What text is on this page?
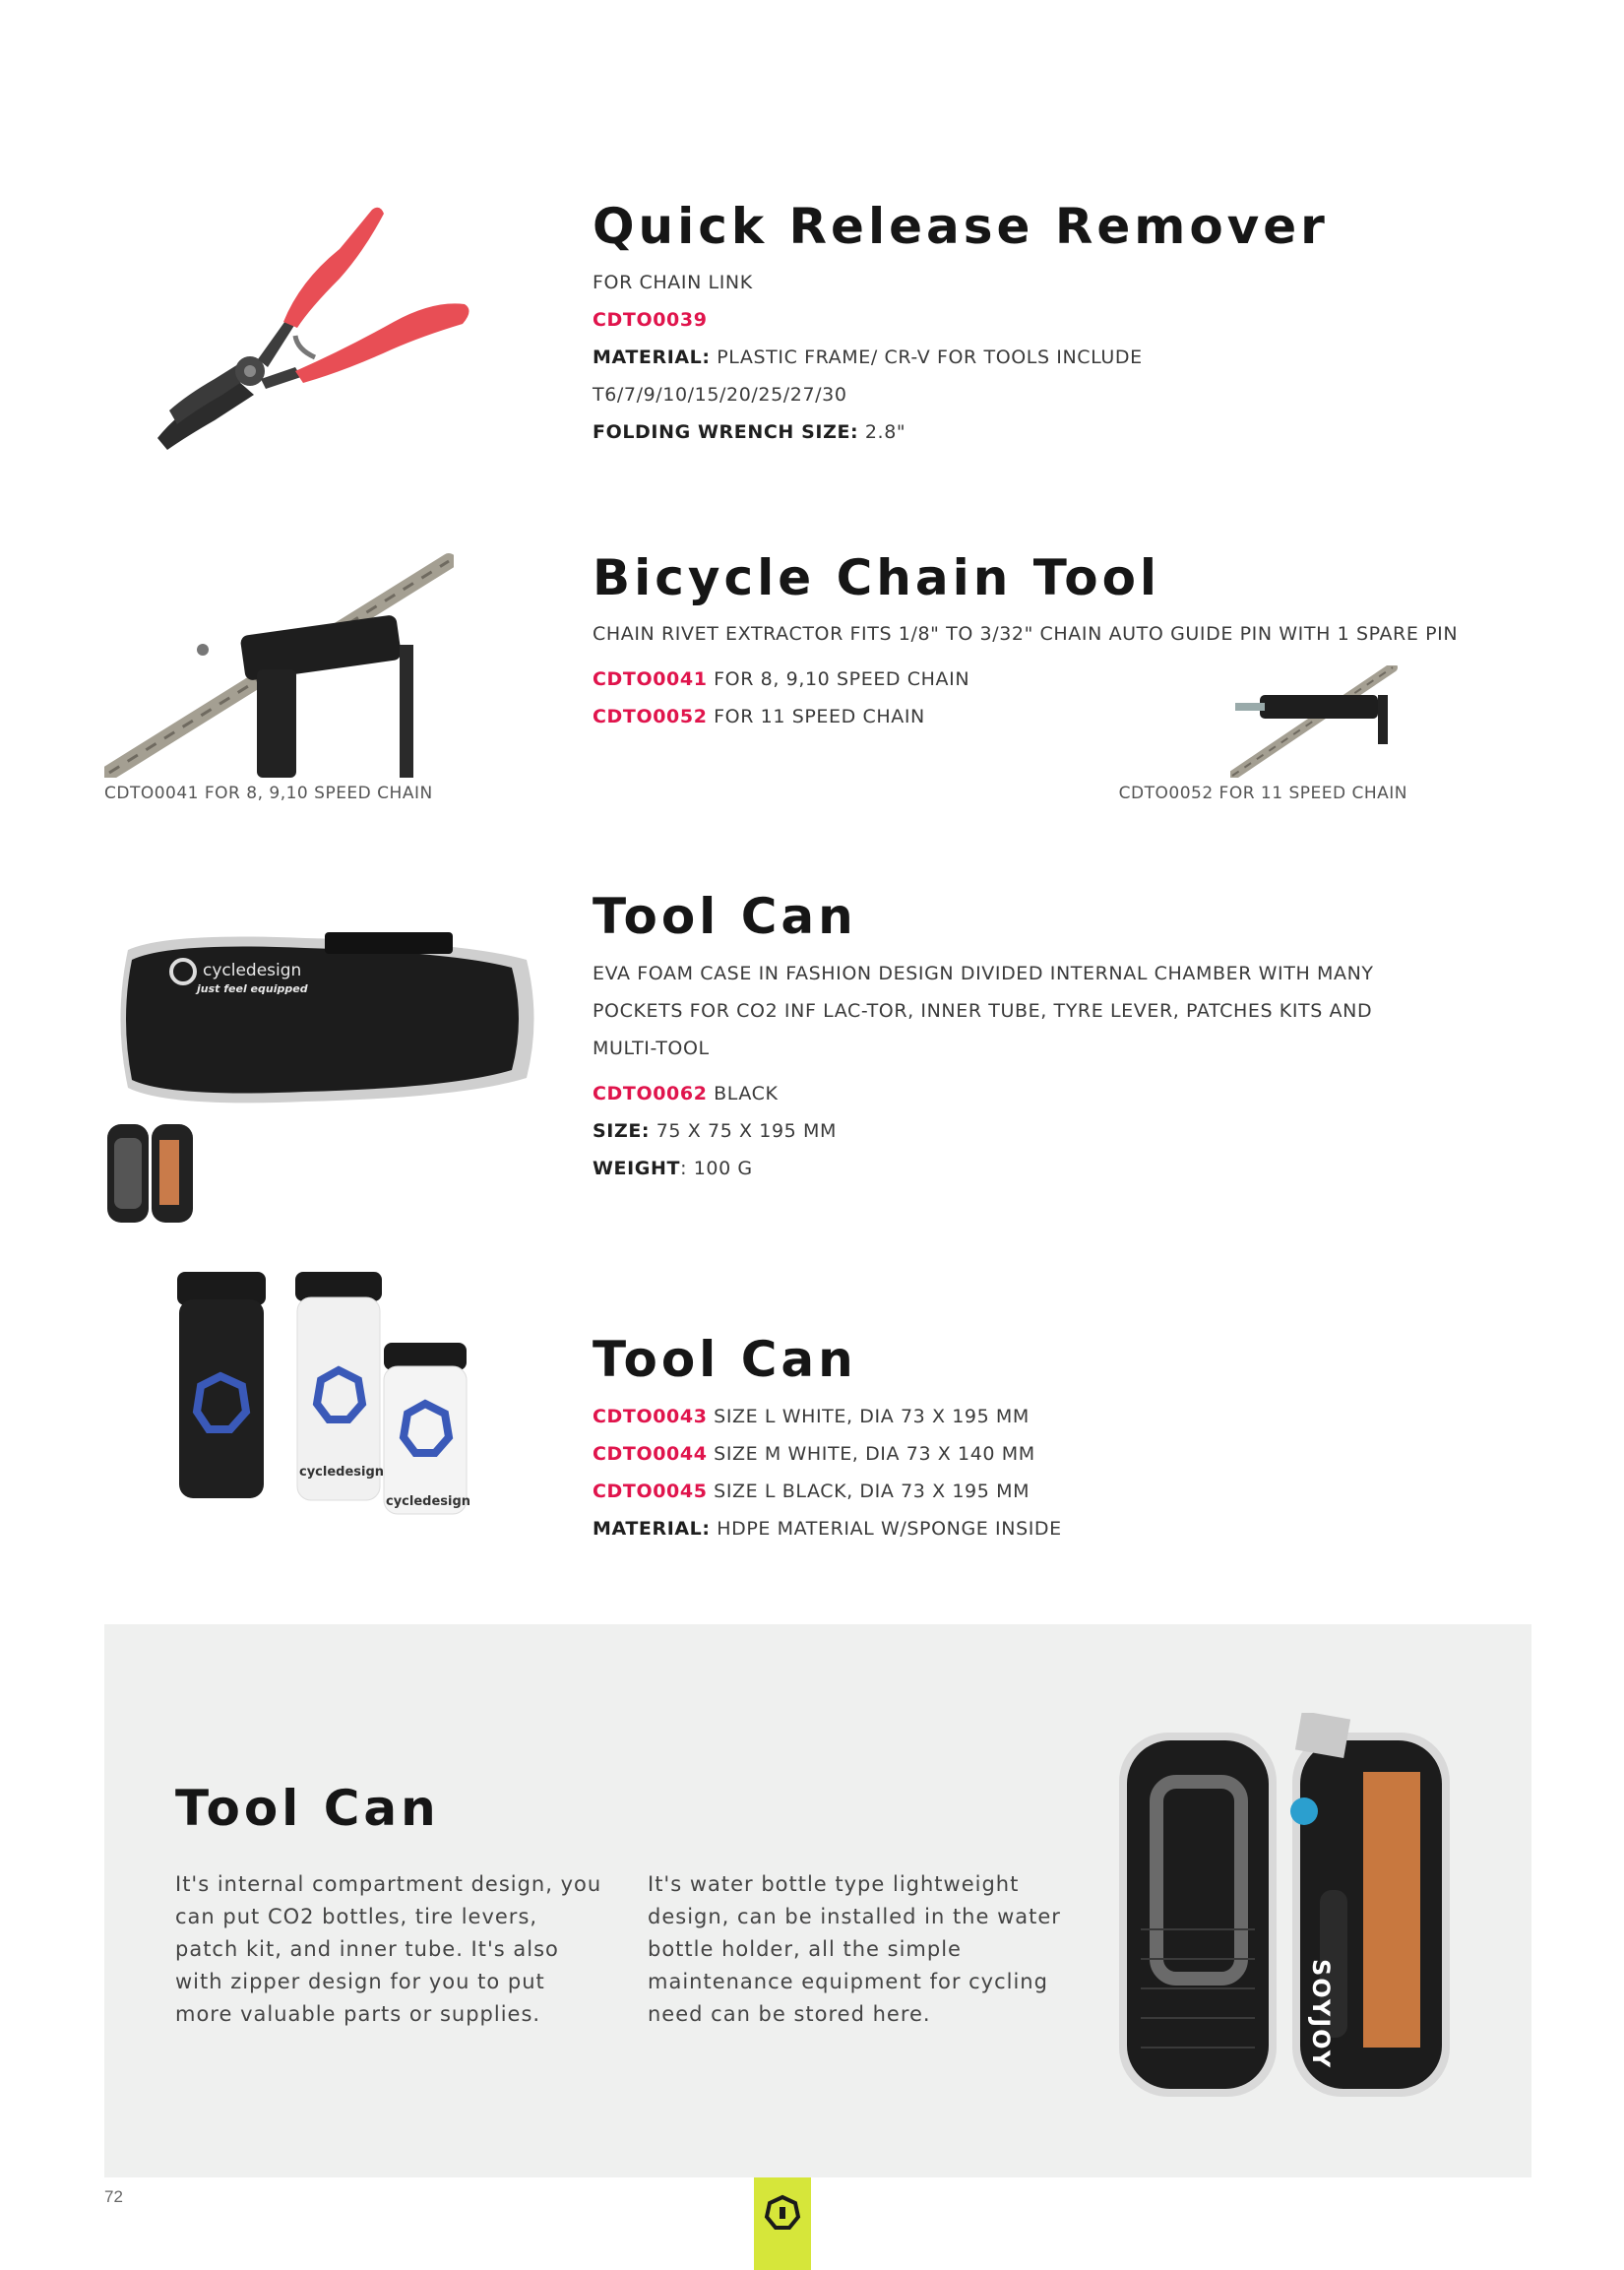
Quick Release Remover
FOR CHAIN LINK
CDTO0039
MATERIAL: PLASTIC FRAME/ CR-V FOR TOOLS INCLUDE
T6/7/9/10/15/20/25/27/30
FOLDING WRENCH SIZE: 2.8"
Bicycle Chain Tool
CHAIN RIVET EXTRACTOR FITS 1/8" TO 3/32" CHAIN AUTO GUIDE PIN WITH 1 SPARE PIN
CDTO0041 FOR 8, 9,10 SPEED CHAIN
CDTO0052 FOR 11 SPEED CHAIN
CDTO0041 FOR 8, 9,10 SPEED CHAIN	CDTO0052 FOR 11 SPEED CHAIN
cycledesign
just feel equipped
Tool Can
EVA FOAM CASE IN FASHION DESIGN DIVIDED INTERNAL CHAMBER WITH MANY
POCKETS FOR CO2 INF LAC-TOR, INNER TUBE, TYRE LEVER, PATCHES KITS AND
MULTI-TOOL
CDTO0062 BLACK
SIZE: 75 X 75 X 195 MM
WEIGHT: 100 G
cycledesign
cycledesign
Tool Can
CDTO0043 SIZE L WHITE, DIA 73 X 195 MM
CDTO0044 SIZE M WHITE, DIA 73 X 140 MM
CDTO0045 SIZE L BLACK, DIA 73 X 195 MM
MATERIAL: HDPE MATERIAL W/SPONGE INSIDE
Tool Can
It's internal compartment design, you can put CO2 bottles, tire levers, patch kit, and inner tube. It's also with zipper design for you to put more valuable parts or supplies.
It's water bottle type lightweight design, can be installed in the water bottle holder, all the simple maintenance equipment for cycling need can be stored here.	SOYJOY
72
